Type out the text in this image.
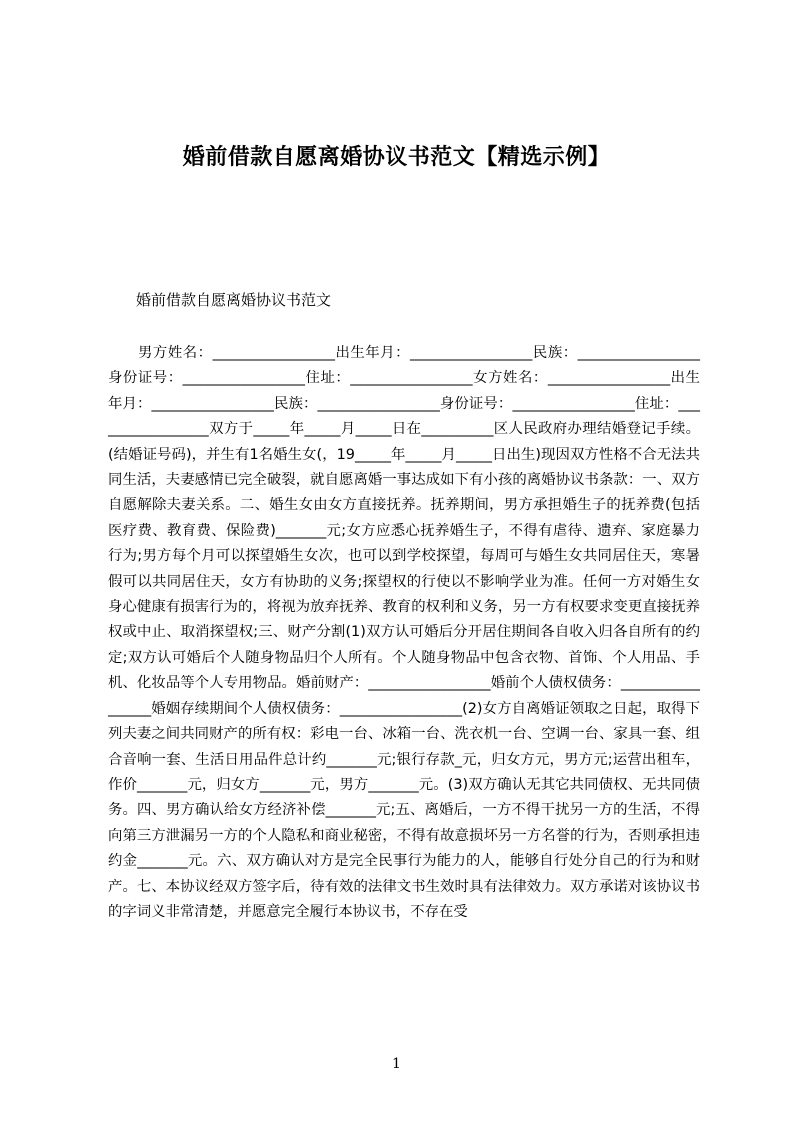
婚前借款自愿离婚协议书范文【精选示例】
婚前借款自愿离婚协议书范文

男方姓名：_________________出生年月：_________________民族：_________________身份证号：_________________住址：_________________女方姓名：_________________出生年月：_________________民族：_________________身份证号：_________________住址：_________________双方于_____年_____月_____日在__________区人民政府办理结婚登记手续。(结婚证号码)，并生有1名婚生女(，19_____年_____月_____日出生)现因双方性格不合无法共同生活，夫妻感情已完全破裂，就自愿离婚一事达成如下有小孩的离婚协议书条款：一、双方自愿解除夫妻关系。二、婚生女由女方直接抚养。抚养期间，男方承担婚生子的抚养费(包括医疗费、教育费、保险费)_______元;女方应悉心抚养婚生子，不得有虐待、遗弃、家庭暴力行为;男方每个月可以探望婚生女次，也可以到学校探望，每周可与婚生女共同居住天，寒暑假可以共同居住天，女方有协助的义务;探望权的行使以不影响学业为准。任何一方对婚生女身心健康有损害行为的，将视为放弃抚养、教育的权利和义务，另一方有权要求变更直接抚养权或中止、取消探望权;三、财产分割(1)双方认可婚后分开居住期间各自收入归各自所有的约定;双方认可婚后个人随身物品归个人所有。个人随身物品中包含衣物、首饰、个人用品、手机、化妆品等个人专用物品。婚前财产：_________________婚前个人债权债务：_________________婚姻存续期间个人债权债务：_________________(2)女方自离婚证领取之日起，取得下列夫妻之间共同财产的所有权：彩电一台、冰箱一台、洗衣机一台、空调一台、家具一套、组合音响一套、生活日用品件总计约_______元;银行存款_元，归女方元，男方元;运营出租车，作价_______元，归女方_______元，男方_______元。(3)双方确认无其它共同债权、无共同债务。四、男方确认给女方经济补偿_______元;五、离婚后，一方不得干扰另一方的生活，不得向第三方泄漏另一方的个人隐私和商业秘密，不得有故意损坏另一方名誉的行为，否则承担违约金_______元。六、双方确认对方是完全民事行为能力的人，能够自行处分自己的行为和财产。七、本协议经双方签字后，待有效的法律文书生效时具有法律效力。双方承诺对该协议书的字词义非常清楚，并愿意完全履行本协议书，不存在受

1
